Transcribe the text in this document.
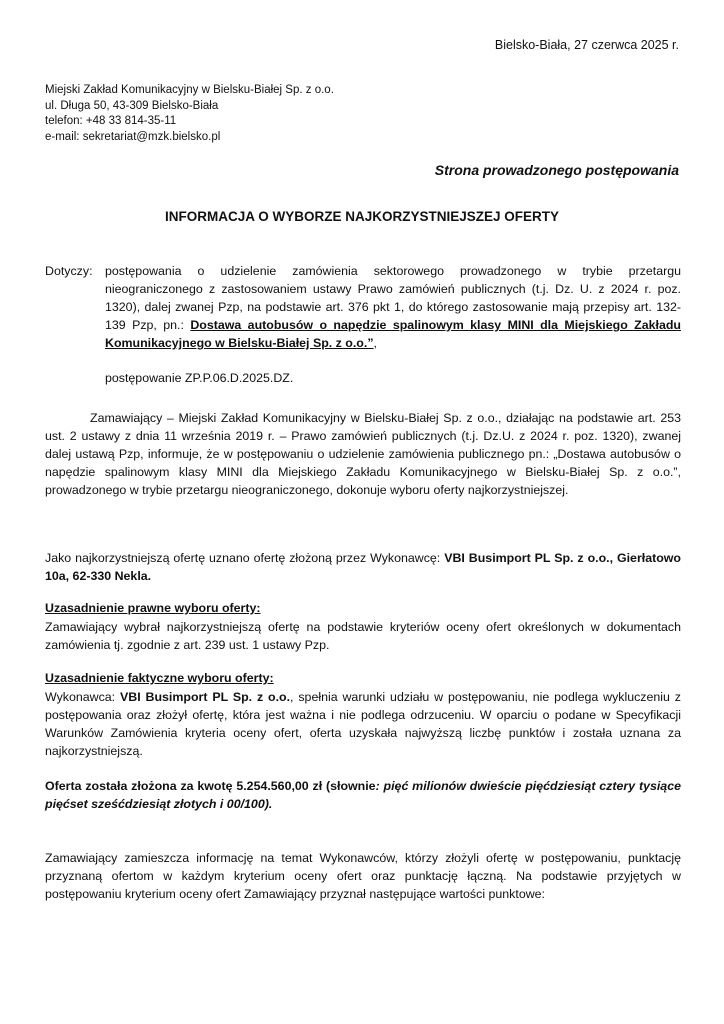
Bielsko-Biała, 27 czerwca 2025 r.
Miejski Zakład Komunikacyjny w Bielsku-Białej Sp. z o.o.
ul. Długa 50, 43-309 Bielsko-Biała
telefon: +48 33 814-35-11
e-mail: sekretariat@mzk.bielsko.pl
Strona prowadzonego postępowania
INFORMACJA O WYBORZE NAJKORZYSTNIEJSZEJ OFERTY
Dotyczy: postępowania o udzielenie zamówienia sektorowego prowadzonego w trybie przetargu nieograniczonego z zastosowaniem ustawy Prawo zamówień publicznych (t.j. Dz. U. z 2024 r. poz. 1320), dalej zwanej Pzp, na podstawie art. 376 pkt 1, do którego zastosowanie mają przepisy art. 132-139 Pzp, pn.: Dostawa autobusów o napędzie spalinowym klasy MINI dla Miejskiego Zakładu Komunikacyjnego w Bielsku-Białej Sp. z o.o.”,
postępowanie ZP.P.06.D.2025.DZ.
Zamawiający – Miejski Zakład Komunikacyjny w Bielsku-Białej Sp. z o.o., działając na podstawie art. 253 ust. 2 ustawy z dnia 11 września 2019 r. – Prawo zamówień publicznych (t.j. Dz.U. z 2024 r. poz. 1320), zwanej dalej ustawą Pzp, informuje, że w postępowaniu o udzielenie zamówienia publicznego pn.: „Dostawa autobusów o napędzie spalinowym klasy MINI dla Miejskiego Zakładu Komunikacyjnego w Bielsku-Białej Sp. z o.o.”, prowadzonego w trybie przetargu nieograniczonego, dokonuje wyboru oferty najkorzystniejszej.
Jako najkorzystniejszą ofertę uznano ofertę złożoną przez Wykonawcę: VBI Busimport PL Sp. z o.o., Gierłatowo 10a, 62-330 Nekla.
Uzasadnienie prawne wyboru oferty:
Zamawiający wybrał najkorzystniejszą ofertę na podstawie kryteriów oceny ofert określonych w dokumentach zamówienia tj. zgodnie z art. 239 ust. 1 ustawy Pzp.
Uzasadnienie faktyczne wyboru oferty:
Wykonawca: VBI Busimport PL Sp. z o.o., spełnia warunki udziału w postępowaniu, nie podlega wykluczeniu z postępowania oraz złożył ofertę, która jest ważna i nie podlega odrzuceniu. W oparciu o podane w Specyfikacji Warunków Zamówienia kryteria oceny ofert, oferta uzyskała najwyższą liczbę punktów i została uznana za najkorzystniejszą.
Oferta została złożona za kwotę 5.254.560,00 zł (słownie: pięć milionów dwieście pięćdziesiąt cztery tysiące pięćset sześćdziesiąt złotych i 00/100).
Zamawiający zamieszcza informację na temat Wykonawców, którzy złożyli ofertę w postępowaniu, punktację przyznaną ofertom w każdym kryterium oceny ofert oraz punktację łączną. Na podstawie przyjętych w postępowaniu kryterium oceny ofert Zamawiający przyznał następujące wartości punktowe:
